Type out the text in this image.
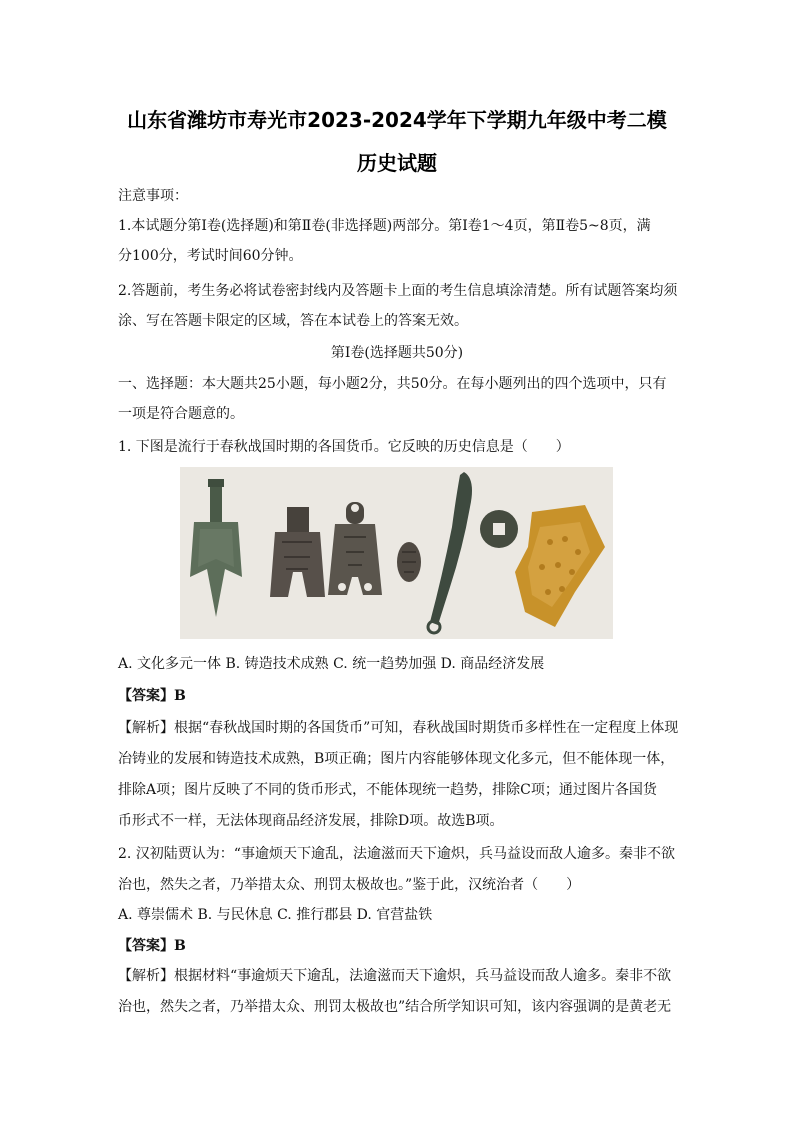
山东省潍坊市寿光市2023-2024学年下学期九年级中考二模
历史试题
注意事项：
1.本试题分第Ⅰ卷(选择题)和第Ⅱ卷(非选择题)两部分。第Ⅰ卷1～4页，第Ⅱ卷5~8页，满
分100分，考试时间60分钟。
2.答题前，考生务必将试卷密封线内及答题卡上面的考生信息填涂清楚。所有试题答案均须
涂、写在答题卡限定的区域，答在本试卷上的答案无效。
第Ⅰ卷(选择题共50分)
一、选择题：本大题共25小题，每小题2分，共50分。在每小题列出的四个选项中，只有
一项是符合题意的。
1. 下图是流行于春秋战国时期的各国货币。它反映的历史信息是（　　）
A. 文化多元一体 B. 铸造技术成熟 C. 统一趋势加强 D. 商品经济发展
【答案】B
【解析】根据“春秋战国时期的各国货币”可知，春秋战国时期货币多样性在一定程度上体现
冶铸业的发展和铸造技术成熟，B项正确；图片内容能够体现文化多元，但不能体现一体，
排除A项；图片反映了不同的货币形式，不能体现统一趋势，排除C项；通过图片各国货
币形式不一样，无法体现商品经济发展，排除D项。故选B项。
2. 汉初陆贾认为：“事逾烦天下逾乱，法逾滋而天下逾炽，兵马益设而敌人逾多。秦非不欲
治也，然失之者，乃举措太众、刑罚太极故也。”鉴于此，汉统治者（　　）
A. 尊崇儒术 B. 与民休息 C. 推行郡县 D. 官营盐铁
【答案】B
【解析】根据材料“事逾烦天下逾乱，法逾滋而天下逾炽，兵马益设而敌人逾多。秦非不欲
治也，然失之者，乃举措太众、刑罚太极故也”结合所学知识可知，该内容强调的是黄老无
